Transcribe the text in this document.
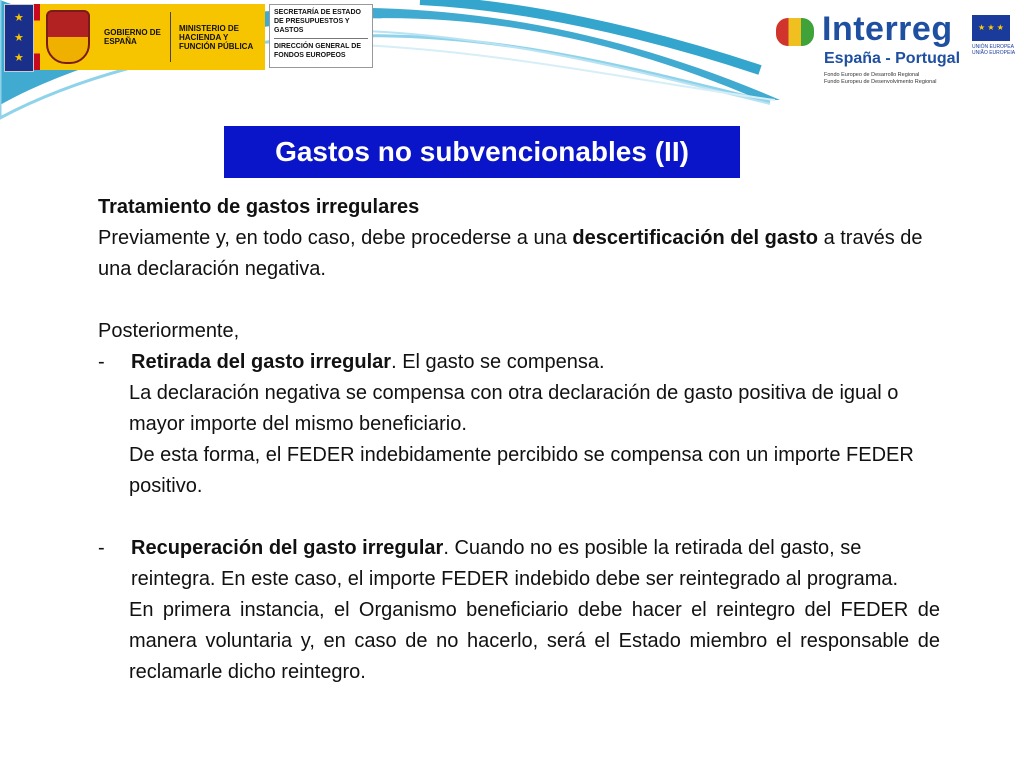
★
★
★
GOBIERNO DE ESPAÑA
MINISTERIO DE HACIENDA Y FUNCIÓN PÚBLICA
SECRETARÍA DE ESTADO DE PRESUPUESTOS Y GASTOS
DIRECCIÓN GENERAL DE FONDOS EUROPEOS
Interreg
España - Portugal
Fondo Europeo de Desarrollo Regional
Fundo Europeu de Desenvolvimento Regional
★ ★ ★
UNIÓN EUROPEA UNIÃO EUROPEIA
Gastos no subvencionables (II)

Tratamiento de gastos irregulares

Previamente y, en todo caso, debe procederse a una descertificación del gasto a través de una declaración negativa.

Posteriormente,

-	Retirada del gasto irregular. El gasto se compensa.

La declaración negativa se compensa con otra declaración de gasto positiva de igual o mayor importe del mismo beneficiario.

De esta forma, el FEDER indebidamente percibido se compensa con un importe FEDER positivo.

-	Recuperación del gasto irregular. Cuando no es posible la retirada del gasto, se reintegra. En este caso, el importe FEDER indebido debe ser reintegrado al programa.

En primera instancia, el Organismo beneficiario debe hacer el reintegro del FEDER de manera voluntaria y, en caso de no hacerlo, será el Estado miembro el responsable de reclamarle dicho reintegro.
